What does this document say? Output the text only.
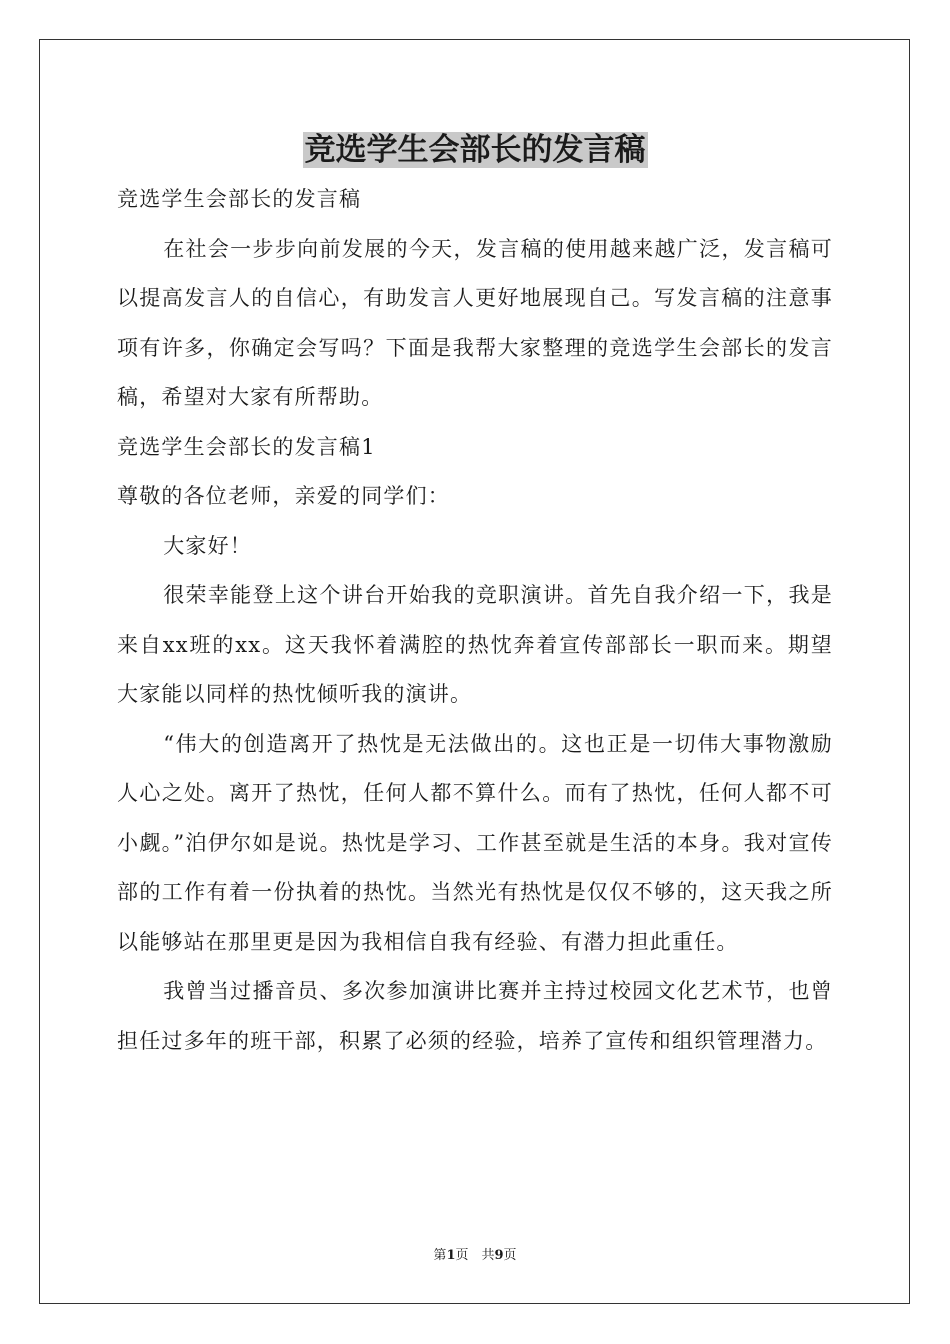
竞选学生会部长的发言稿

竞选学生会部长的发言稿

在社会一步步向前发展的今天，发言稿的使用越来越广泛，发言稿可以提高发言人的自信心，有助发言人更好地展现自己。写发言稿的注意事项有许多，你确定会写吗？下面是我帮大家整理的竞选学生会部长的发言稿，希望对大家有所帮助。

竞选学生会部长的发言稿1

尊敬的各位老师，亲爱的同学们：

大家好！

很荣幸能登上这个讲台开始我的竞职演讲。首先自我介绍一下，我是来自xx班的xx。这天我怀着满腔的热忱奔着宣传部部长一职而来。期望大家能以同样的热忱倾听我的演讲。

“伟大的创造离开了热忱是无法做出的。这也正是一切伟大事物激励人心之处。离开了热忱，任何人都不算什么。而有了热忱，任何人都不可小觑。”泊伊尔如是说。热忱是学习、工作甚至就是生活的本身。我对宣传部的工作有着一份执着的热忱。当然光有热忱是仅仅不够的，这天我之所以能够站在那里更是因为我相信自我有经验、有潜力担此重任。

我曾当过播音员、多次参加演讲比赛并主持过校园文化艺术节，也曾担任过多年的班干部，积累了必须的经验，培养了宣传和组织管理潜力。

第1页　共9页
